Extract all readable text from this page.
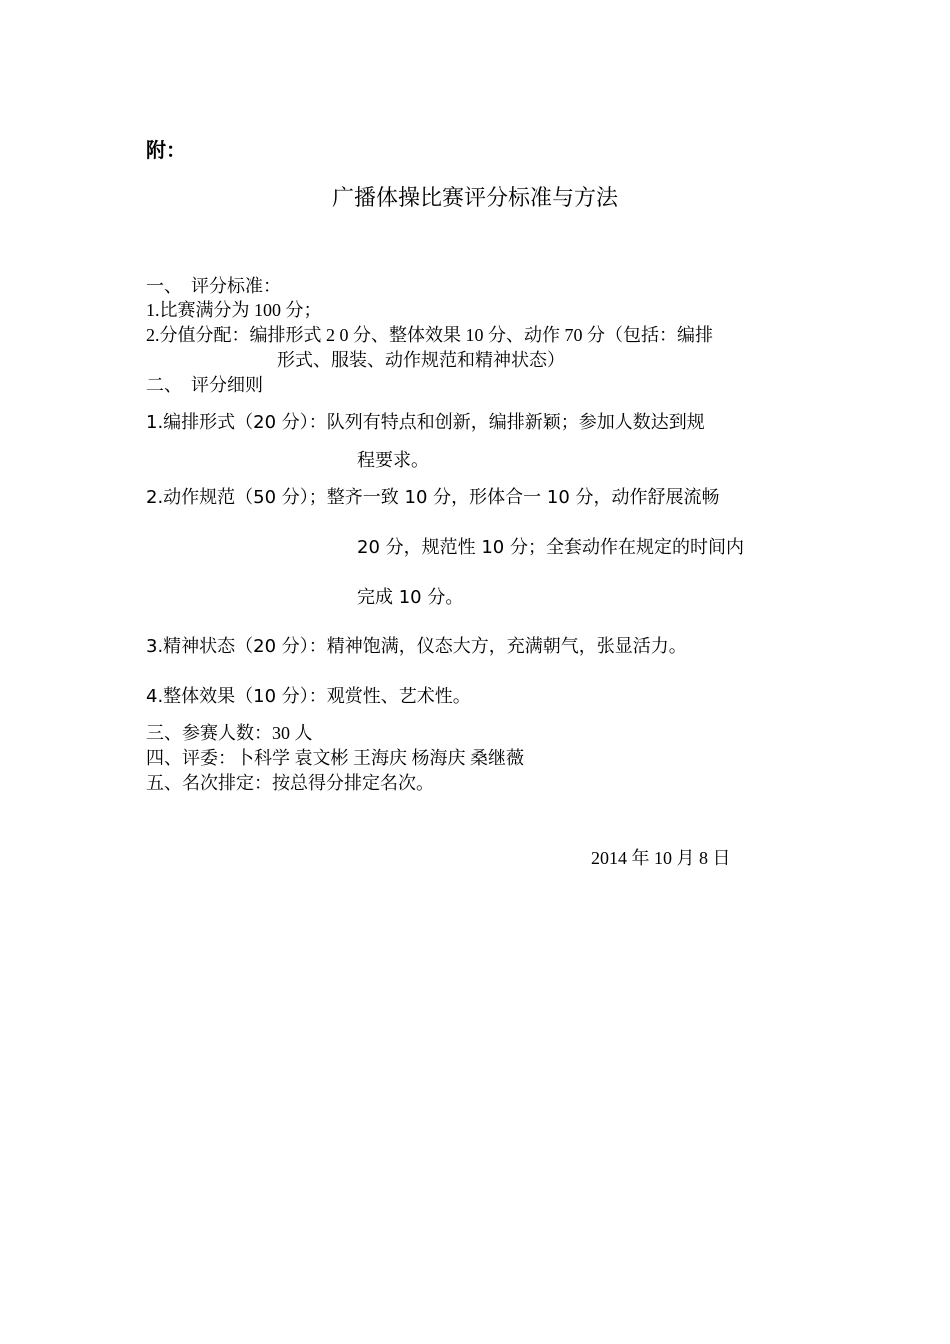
附：
广播体操比赛评分标准与方法
一、　评分标准：
1.比赛满分为 100 分；
2.分值分配：编排形式 2 0 分、整体效果 10 分、动作 70 分（包括：编排
形式、服装、动作规范和精神状态）
二、　评分细则
1.编排形式（20 分）：队列有特点和创新，编排新颖；参加人数达到规
程要求。
2.动作规范（50 分）；整齐一致 10 分，形体合一 10 分，动作舒展流畅
20 分，规范性 10 分；全套动作在规定的时间内
完成 10 分。
3.精神状态（20 分）：精神饱满，仪态大方，充满朝气，张显活力。
4.整体效果（10 分）：观赏性、艺术性。
三、参赛人数：30 人
四、评委：卜科学 袁文彬 王海庆 杨海庆 桑继薇
五、名次排定：按总得分排定名次。
2014 年 10 月 8 日
